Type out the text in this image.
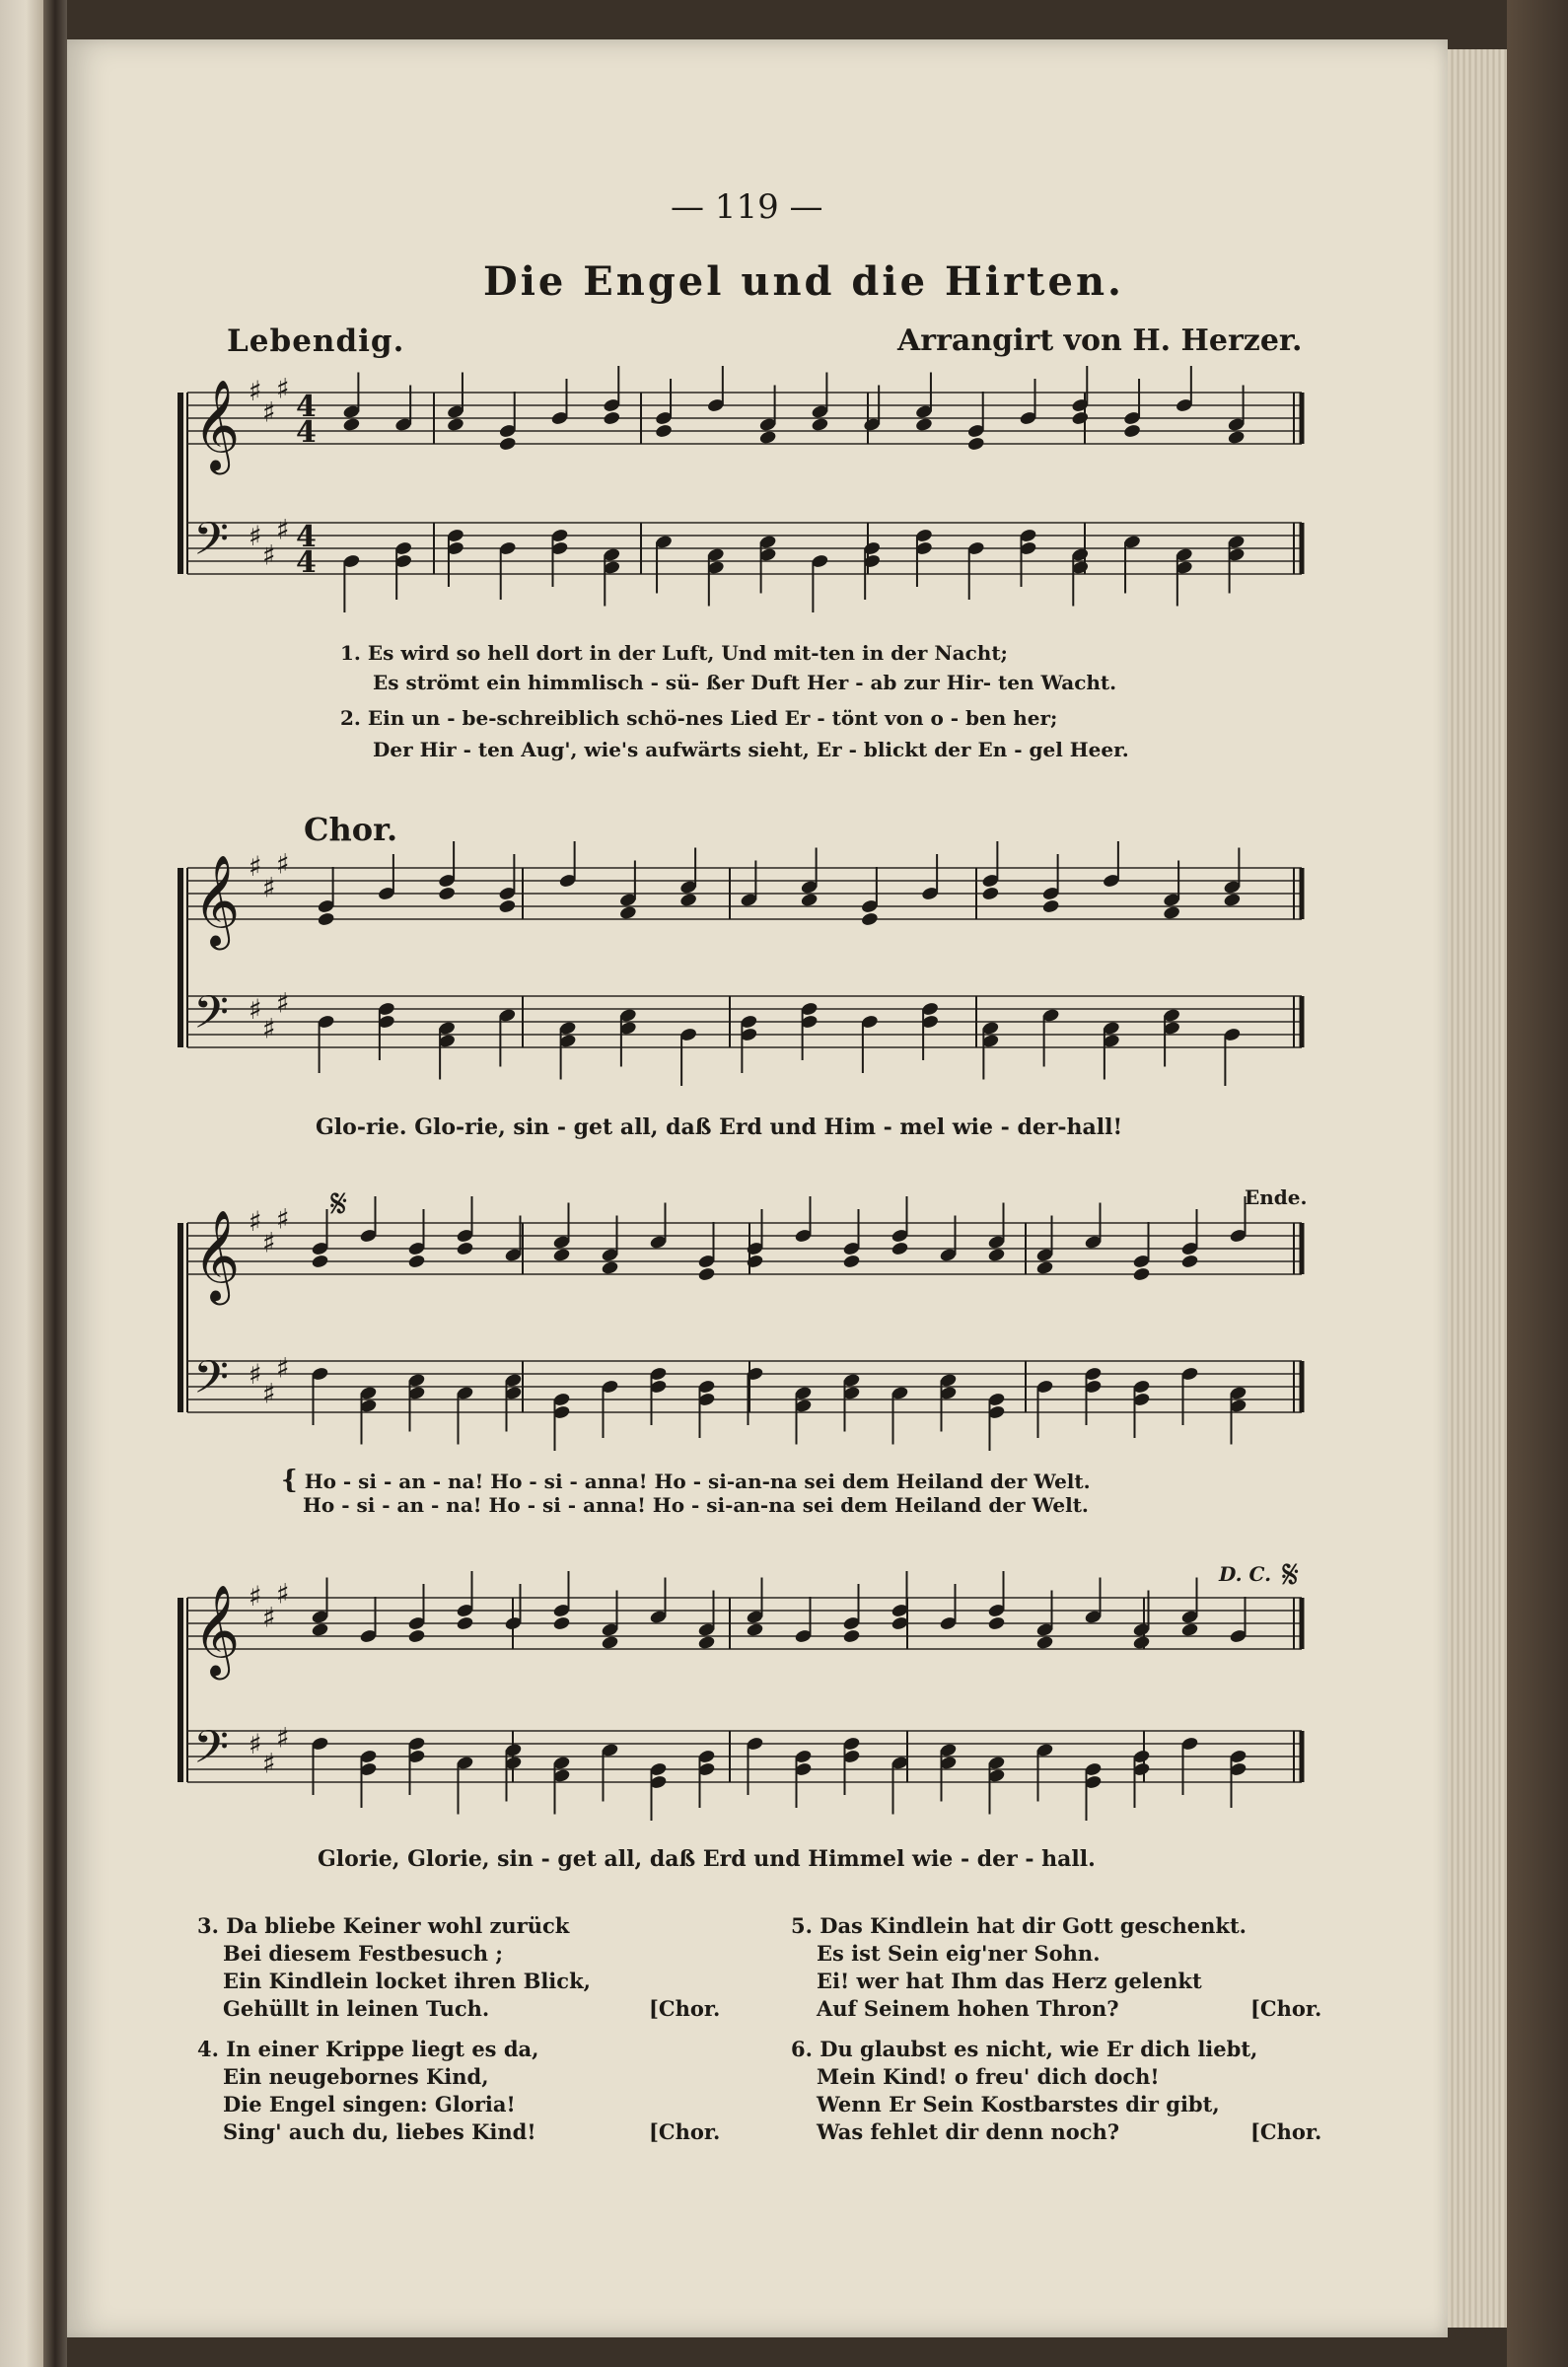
— 119 —
Die Engel und die Hirten.
Lebendig.	Arrangirt von H. Herzer.
𝄞 ♯
♯
♯
4
4
𝄢 ♯
♯
♯ 4
4
1. Es wird so hell dort in der Luft, Und mit-ten in der Nacht;
Es strömt ein himmlisch - sü- ßer Duft Her - ab zur Hir- ten Wacht.
2. Ein un - be-schreiblich schö-nes Lied Er - tönt von o - ben her;
Der Hir - ten Aug', wie's aufwärts sieht, Er - blickt der En - gel Heer.
Chor.
𝄞 ♯
♯
♯
𝄢 ♯
♯
♯
Glo-rie. Glo-rie, sin - get all, daß Erd und Him - mel wie - der-hall!
𝄞 ♯
♯
♯
𝄢 ♯
♯
♯
𝄋	Ende.
{ Ho - si - an - na! Ho - si - anna! Ho - si-an-na sei dem Heiland der Welt.
Ho - si - an - na! Ho - si - anna! Ho - si-an-na sei dem Heiland der Welt.
𝄞 ♯
♯
♯
𝄢 ♯
♯
♯
D. C. 𝄋
Glorie, Glorie, sin - get all, daß Erd und Himmel wie - der - hall.
3. Da bliebe Keiner wohl zurück
Bei diesem Festbesuch ;
Ein Kindlein locket ihren Blick,
Gehüllt in leinen Tuch.	[Chor.
4. In einer Krippe liegt es da,
Ein neugebornes Kind,
Die Engel singen: Gloria!
Sing' auch du, liebes Kind!	[Chor.
5. Das Kindlein hat dir Gott geschenkt.
Es ist Sein eig'ner Sohn.
Ei! wer hat Ihm das Herz gelenkt
Auf Seinem hohen Thron?	[Chor.
6. Du glaubst es nicht, wie Er dich liebt,
Mein Kind! o freu' dich doch!
Wenn Er Sein Kostbarstes dir gibt,
Was fehlet dir denn noch?	[Chor.
